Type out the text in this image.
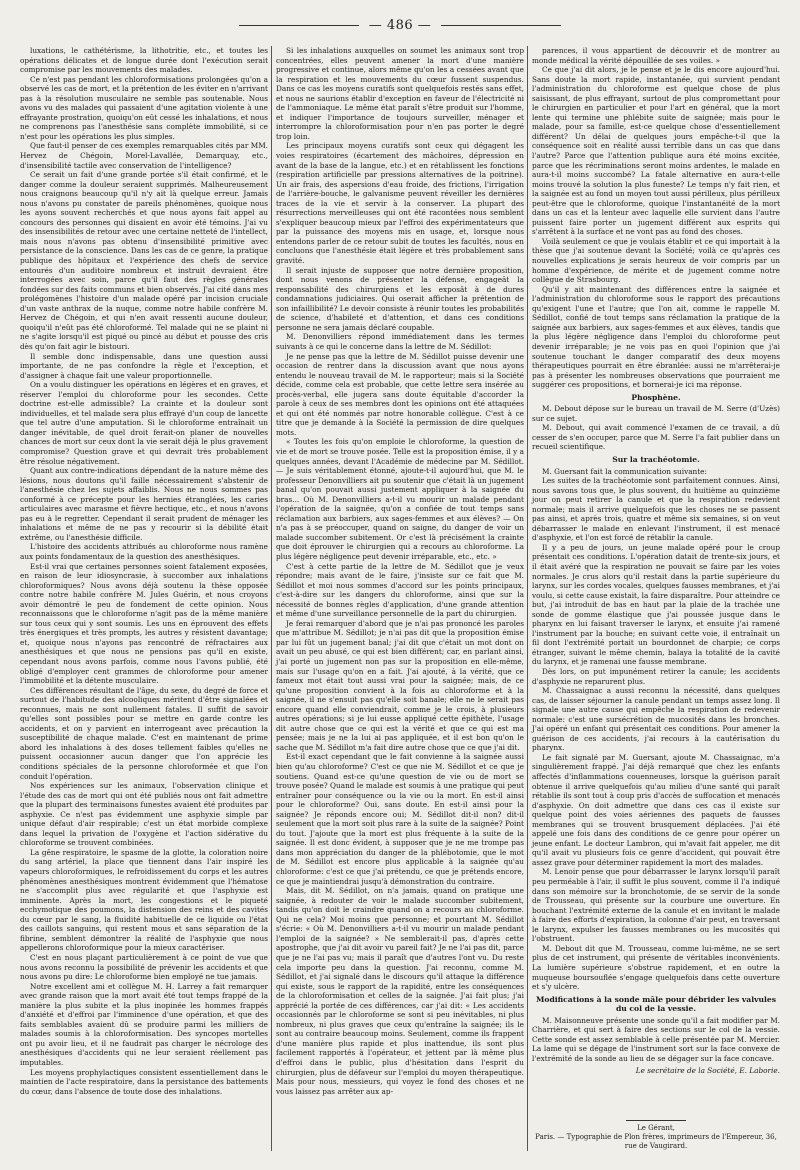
— 486 —

luxations, le cathétérisme, la lithotritie, etc., et toutes les opérations délicates et de longue durée dont l'exécution serait compromise par les mouvements des malades.

Ce n'est pas pendant les chloroformisations prolongées qu'on a observé les cas de mort, et la prétention de les éviter en n'arrivant pas à la résolution musculaire ne semble pas soutenable. Nous avons vu des malades qui passaient d'une agitation violente à une effrayante prostration, quoiqu'on eût cessé les inhalations, et nous ne comprenons pas l'anesthésie sans complète immobilité, si ce n'est pour les opérations les plus simples.

Que faut-il penser de ces exemples remarquables cités par MM. Hervez de Chégoin, Morel-Lavallée, Demarquay, etc., d'insensibilité tactile avec conservation de l'intelligence?

Ce serait un fait d'une grande portée s'il était confirmé, et le danger comme la douleur seraient supprimés. Malheureusement nous craignons beaucoup qu'il n'y ait là quelque erreur. Jamais nous n'avons pu constater de pareils phénomènes, quoique nous les ayons souvent recherchés et que nous ayons fait appel au concours des personnes qui disaient en avoir été témoins. J'ai vu des insensibilités de retour avec une certaine netteté de l'intellect, mais nous n'avons pas obtenu d'insensibilité primitive avec persistance de la conscience. Dans les cas de ce genre, la pratique publique des hôpitaux et l'expérience des chefs de service entourés d'un auditoire nombreux et instruit devraient être interrogées avec soin, parce qu'il faut des règles générales fondées sur des faits communs et bien observés. J'ai cité dans mes prolégomènes l'histoire d'un malade opéré par incision cruciale d'un vaste anthrax de la nuque, comme notre habile confrère M. Hervez de Chégoin, et qui n'en avait ressenti aucune douleur, quoiqu'il n'eût pas été chloroformé. Tel malade qui ne se plaint ni ne s'agite lorsqu'il est piqué ou pincé au début et pousse des cris dès qu'on fait agir le bistouri.

Il semble donc indispensable, dans une question aussi importante, de ne pas confondre la règle et l'exception, et d'assigner à chaque fait une valeur proportionnelle.

On a voulu distinguer les opérations en légères et en graves, et réserver l'emploi du chloroforme pour les secondes. Cette doctrine est-elle admissible? La crainte et la douleur sont individuelles, et tel malade sera plus effrayé d'un coup de lancette que tel autre d'une amputation. Si le chloroforme entraînait un danger inévitable, de quel droit ferait-on planer de nouvelles chances de mort sur ceux dont la vie serait déjà le plus gravement compromise? Question grave et qui devrait très probablement être résolue négativement.

Quant aux contre-indications dépendant de la nature même des lésions, nous doutons qu'il faille nécessairement s'abstenir de l'anesthésie chez les sujets affaiblis. Nous ne nous sommes pas conformé à ce précepte pour les hernies étranglées, les caries articulaires avec marasme et fièvre hectique, etc., et nous n'avons pas eu à le regretter. Cependant il serait prudent de ménager les inhalations et même de ne pas y recourir si la débilité était extrême, ou l'anesthésie difficile.

L'histoire des accidents attribués au chloroforme nous ramène aux points fondamentaux de la question des anesthésiques.

Est-il vrai que certaines personnes soient fatalement exposées, en raison de leur idiosyncrasie, à succomber aux inhalations chloroformiques? Nous avons déjà soutenu la thèse opposée contre notre habile confrère M. Jules Guérin, et nous croyons avoir démontré le peu de fondement de cette opinion. Nous reconnaissons que le chloroforme n'agit pas de la même manière sur tous ceux qui y sont soumis. Les uns en éprouvent des effets très énergiques et très prompts, les autres y résistent davantage; et, quoique nous n'ayons pas rencontré de réfractaires aux anesthésiques et que nous ne pensions pas qu'il en existe, cependant nous avons parfois, comme nous l'avons publié, été obligé d'employer cent grammes de chloroforme pour amener l'immobilité et la détente musculaire.

Ces différences résultant de l'âge, du sexe, du degré de force et surtout de l'habitude des alcooliques méritent d'être signalées et reconnues, mais ne sont nullement fatales. Il suffit de savoir qu'elles sont possibles pour se mettre en garde contre les accidents, et on y parvient en interrogeant avec précaution la susceptibilité de chaque malade. C'est en maintenant de prime abord les inhalations à des doses tellement faibles qu'elles ne puissent occasionner aucun danger que l'on apprécie les conditions spéciales de la personne chloroformée et que l'on conduit l'opération.

Nos expériences sur les animaux, l'observation clinique et l'étude des cas de mort qui ont été publiés nous ont fait admettre que la plupart des terminaisons funestes avaient été produites par asphyxie. Ce n'est pas évidemment une asphyxie simple par unique défaut d'air respirable; c'est un état morbide complexe dans lequel la privation de l'oxygène et l'action sidérative du chloroforme se trouvent combinées.

La gêne respiratoire, le spasme de la glotte, la coloration noire du sang artériel, la place que tiennent dans l'air inspiré les vapeurs chloroformiques, le refroidissement du corps et les autres phénomènes anesthésiques montrent évidemment que l'hématose ne s'accomplit plus avec régularité et que l'asphyxie est imminente. Après la mort, les congestions et le piqueté ecchymotique des poumons, la distension des reins et des cavités du cœur par le sang, la fluidité habituelle de ce liquide ou l'état des caillots sanguins, qui restent mous et sans séparation de la fibrine, semblent démontrer la réalité de l'asphyxie que nous appellerons chloroformique pour la mieux caractériser.

C'est en nous plaçant particulièrement à ce point de vue que nous avons reconnu la possibilité de prévenir les accidents et que nous avons pu dire: Le chloroforme bien employé ne tue jamais.

Notre excellent ami et collègue M. H. Larrey a fait remarquer avec grande raison que la mort avait été tout temps frappé de la manière la plus subite et la plus inopinée les hommes frappés d'anxiété et d'effroi par l'imminence d'une opération, et que des faits semblables avaient dû se produire parmi les milliers de malades soumis à la chloroformisation. Des syncopes mortelles ont pu avoir lieu, et il ne faudrait pas charger le nécrologe des anesthésiques d'accidents qui ne leur seraient réellement pas imputables.

Les moyens prophylactiques consistent essentiellement dans le maintien de l'acte respiratoire, dans la persistance des battements du cœur, dans l'absence de toute dose des inhalations.

Si les inhalations auxquelles on soumet les animaux sont trop concentrées, elles peuvent amener la mort d'une manière progressive et continue, alors même qu'on les a cessées avant que la respiration et les mouvements du cœur fussent suspendus. Dans ce cas les moyens curatifs sont quelquefois restés sans effet, et nous ne saurions établir d'exception en faveur de l'électricité ni de l'ammoniaque. Le même état paraît s'être produit sur l'homme, et indiquer l'importance de toujours surveiller, ménager et interrompre la chloroformisation pour n'en pas porter le degré trop loin.

Les principaux moyens curatifs sont ceux qui dégagent les voies respiratoires (écartement des mâchoires, dépression en avant de la base de la langue, etc.) et en rétablissent les fonctions (respiration artificielle par pressions alternatives de la poitrine). Un air frais, des aspersions d'eau froide, des frictions, l'irrigation de l'arrière-bouche, le galvanisme peuvent réveiller les dernières traces de la vie et servir à la conserver. La plupart des résurrections merveilleuses qui ont été racontées nous semblent s'expliquer beaucoup mieux par l'effroi des expérimentateurs que par la puissance des moyens mis en usage, et, lorsque nous entendons parler de ce retour subit de toutes les facultés, nous en concluons que l'anesthésie était légère et très probablement sans gravité.

Il serait injuste de supposer que notre dernière proposition, dont nous venons de présenter la défense, engageât la responsabilité des chirurgiens et les exposât à de dures condamnations judiciaires. Qui oserait afficher la prétention de son infaillibilité? Le devoir consiste à réunir toutes les probabilités de science, d'habileté et d'attention, et dans ces conditions personne ne sera jamais déclaré coupable.

M. Denonvilliers répond immédiatement dans les termes suivants à ce qui le concerne dans la lettre de M. Sédillot:

Je ne pense pas que la lettre de M. Sédillot puisse devenir une occasion de rentrer dans la discussion avant que nous ayons entendu le nouveau travail de M. le rapporteur; mais si la Société décide, comme cela est probable, que cette lettre sera insérée au procès-verbal, elle jugera sans doute équitable d'accorder la parole à ceux de ses membres dont les opinions ont été attaquées et qui ont été nommés par notre honorable collègue. C'est à ce titre que je demande à la Société la permission de dire quelques mots.

« Toutes les fois qu'on emploie le chloroforme, la question de vie et de mort se trouve posée. Telle est la proposition émise, il y a quelques années, devant l'Académie de médecine par M. Sédillot. — Je suis véritablement étonné, ajoute-t-il aujourd'hui, que M. le professeur Denonvilliers ait pu soutenir que c'était là un jugement banal qu'on pouvait aussi justement appliquer à la saignée du bras... Où M. Denonvilliers a-t-il vu mourir un malade pendant l'opération de la saignée, qu'on a confiée de tout temps sans réclamation aux barbiers, aux sages-femmes et aux élèves? — On n'a pas à se préoccuper, quand on saigne, du danger de voir un malade succomber subitement. Or c'est là précisément la crainte que doit éprouver le chirurgien qui a recours au chloroforme. La plus légère négligence peut devenir irréparable, etc., etc. »

C'est à cette partie de la lettre de M. Sédillot que je veux répondre; mais avant de le faire, j'insiste sur ce fait que M. Sédillot et moi nous sommes d'accord sur les points principaux, c'est-à-dire sur les dangers du chloroforme, ainsi que sur la nécessité de bonnes règles d'application, d'une grande attention et même d'une surveillance personnelle de la part du chirurgien.

Je ferai remarquer d'abord que je n'ai pas prononcé les paroles que m'attribue M. Sédillot; je n'ai pas dit que la proposition émise par lui fût un jugement banal; j'ai dit que c'était un mot dont on avait un peu abusé, ce qui est bien différent; car, en parlant ainsi, j'ai porté un jugement non pas sur la proposition en elle-même, mais sur l'usage qu'on en a fait. J'ai ajouté, à la vérité, que ce fameux mot était tout aussi vrai pour la saignée; mais, de ce qu'une proposition convient à la fois au chloroforme et à la saignée, il ne s'ensuit pas qu'elle soit banale; elle ne le serait pas encore quand elle conviendrait, comme je le crois, à plusieurs autres opérations; si je lui eusse appliqué cette épithète, l'usage dit autre chose que ce qui est la vérité et que ce qui est ma pensée; mais je ne la lui ai pas appliquée, et il est bon qu'on le sache que M. Sédillot m'a fait dire autre chose que ce que j'ai dit.

Est-il exact cependant que le fait convienne à la saignée aussi bien qu'au chloroforme? C'est ce que nie M. Sédillot et ce que je soutiens. Quand est-ce qu'une question de vie ou de mort se trouve posée? Quand le malade est soumis à une pratique qui peut entraîner pour conséquence ou la vie ou la mort. En est-il ainsi pour le chloroforme? Oui, sans doute. En est-il ainsi pour la saignée? Je réponds encore oui; M. Sédillot dit-il non? dit-il seulement que la mort soit plus rare à la suite de la saignée? Point du tout. J'ajoute que la mort est plus fréquente à la suite de la saignée. Il est donc évident, à supposer que je ne me trompe pas dans mon appréciation du danger de la phlébotomie, que le mot de M. Sédillot est encore plus applicable à la saignée qu'au chloroforme: c'est ce que j'ai prétendu, ce que je prétends encore, ce que je maintiendrai jusqu'à démonstration du contraire.

Mais, dit M. Sédillot, on n'a jamais, quand on pratique une saignée, à redouter de voir le malade succomber subitement, tandis qu'on doit le craindre quand on a recours au chloroforme. Qui ne cela? Moi moins que personne; et pourtant M. Sédillot s'écrie: « Où M. Denonvilliers a-t-il vu mourir un malade pendant l'emploi de la saignée? » Ne semblerait-il pas, d'après cette apostrophe, que j'ai dit avoir vu pareil fait? Je ne l'ai pas dit, parce que je ne l'ai pas vu; mais il paraît que d'autres l'ont vu. Du reste cela importe peu dans la question. J'ai reconnu, comme M. Sédillot, et j'ai signalé dans le discours qu'il attaque la différence qui existe, sous le rapport de la rapidité, entre les conséquences de la chloroformisation et celles de la saignée. J'ai fait plus; j'ai apprécié la portée de ces différences, car j'ai dit: « Les accidents occasionnés par le chloroforme se sont si peu inévitables, ni plus nombreux, ni plus graves que ceux qu'entraîne la saignée; ils le sont au contraire beaucoup moins. Seulement, comme ils frappent d'une manière plus rapide et plus inattendue, ils sont plus facilement rapportés à l'opérateur, et jettent par là même plus d'effroi dans le public, plus d'hésitation dans l'esprit du chirurgien, plus de défaveur sur l'emploi du moyen thérapeutique. Mais pour nous, messieurs, qui voyez le fond des choses et ne vous laissez pas arrêter aux ap-

parences, il vous appartient de découvrir et de montrer au monde médical la vérité dépouillée de ses voiles. »

Ce que j'ai dit alors, je le pense et je le dis encore aujourd'hui. Sans doute la mort rapide, instantanée, qui survient pendant l'administration du chloroforme est quelque chose de plus saisissant, de plus effrayant, surtout de plus compromettant pour le chirurgien en particulier et pour l'art en général, que la mort lente qui termine une phlébite suite de saignée; mais pour le malade, pour sa famille, est-ce quelque chose d'essentiellement différent? Un délai de quelques jours empêche-t-il que la conséquence soit en réalité aussi terrible dans un cas que dans l'autre? Parce que l'attention publique aura été moins excitée, parce que les récriminations seront moins ardentes, le malade en aura-t-il moins succombé? La fatale alternative en aura-t-elle moins trouvé la solution la plus funeste? Le temps n'y fait rien, et la saignée est au fond un moyen tout aussi périlleux, plus périlleux peut-être que le chloroforme, quoique l'instantanéité de la mort dans un cas et la lenteur avec laquelle elle survient dans l'autre puissent faire porter un jugement différent aux esprits qui s'arrêtent à la surface et ne vont pas au fond des choses.

Voilà seulement ce que je voulais établir et ce qui importait à la thèse que j'ai soutenue devant la Société; voilà ce qu'après ces nouvelles explications je serais heureux de voir compris par un homme d'expérience, de mérite et de jugement comme notre collègue de Strasbourg.

Qu'il y ait maintenant des différences entre la saignée et l'administration du chloroforme sous le rapport des précautions qu'exigent l'une et l'autre; que l'on ait, comme le rappelle M. Sédillot, confié de tout temps sans réclamation la pratique de la saignée aux barbiers, aux sages-femmes et aux élèves, tandis que la plus légère négligence dans l'emploi du chloroforme peut devenir irréparable; je ne vois pas en quoi l'opinion que j'ai soutenue touchant le danger comparatif des deux moyens thérapeutiques pourrait en être ébranlée: aussi ne m'arrêterai-je pas à présenter les nombreuses observations que pourraient me suggérer ces propositions, et bornerai-je ici ma réponse.

Phosphène.

M. Debout dépose sur le bureau un travail de M. Serre (d'Uzès) sur ce sujet.

M. Debout, qui avait commencé l'examen de ce travail, a dû cesser de s'en occuper, parce que M. Serre l'a fait publier dans un recueil scientifique.

Sur la trachéotomie.

M. Guersant fait la communication suivante:

Les suites de la trachéotomie sont parfaitement connues. Ainsi, nous savons tous que, le plus souvent, du huitième au quinzième jour on peut retirer la canule et que la respiration redevient normale; mais il arrive quelquefois que les choses ne se passent pas ainsi, et après trois, quatre et même six semaines, si on veut débarrasser le malade en enlevant l'instrument, il est menacé d'asphyxie, et l'on est forcé de rétablir la canule.

Il y a peu de jours, un jeune malade opéré pour le croup présentait ces conditions. L'opération datait de trente-six jours, et il était avéré que la respiration ne pouvait se faire par les voies normales. Je crus alors qu'il restait dans la partie supérieure du larynx, sur les cordes vocales, quelques fausses membranes, et j'ai voulu, si cette cause existait, la faire disparaître. Pour atteindre ce but, j'ai introduit de bas en haut par la plaie de la trachée une sonde de gomme élastique que j'ai poussée jusque dans le pharynx en lui faisant traverser le larynx, et ensuite j'ai ramené l'instrument par la bouche; en suivant cette voie, il entraînait un fil dont l'extrémité portait un bourdonnet de charpie; ce corps étranger, suivant le même chemin, balaya la totalité de la cavité du larynx, et je ramenai une fausse membrane.

Dès lors, on put impunément retirer la canule; les accidents d'asphyxie ne reparurent plus.

M. Chassaignac a aussi reconnu la nécessité, dans quelques cas, de laisser séjourner la canule pendant un temps assez long. Il signale une autre cause qui empêche la respiration de redevenir normale: c'est une sursécrétion de mucosités dans les bronches. J'ai opéré un enfant qui présentait ces conditions. Pour amener la guérison de ces accidents, j'ai recours à la cautérisation du pharynx.

Le fait signalé par M. Guersant, ajoute M. Chassaignac, m'a singulièrement frappé. J'ai déjà remarqué que chez les enfants affectés d'inflammations couenneuses, lorsque la guérison paraît obtenue il arrive quelquefois qu'au milieu d'une santé qui paraît rétablie ils sont tout à coup pris d'accès de suffocation et menacés d'asphyxie. On doit admettre que dans ces cas il existe sur quelque point des voies aériennes des paquets de fausses membranes qui se trouvent brusquement déplacées. J'ai été appelé une fois dans des conditions de ce genre pour opérer un jeune enfant. Le docteur Lambron, qui m'avait fait appeler, me dit qu'il avait vu plusieurs fois ce genre d'accident, qui pouvait être assez grave pour déterminer rapidement la mort des malades.

M. Lenoir pense que pour débarrasser le larynx lorsqu'il paraît peu perméable à l'air, il suffit le plus souvent, comme il l'a indiqué dans son mémoire sur la bronchotomie, de se servir de la sonde de Trousseau, qui présente sur la courbure une ouverture. En bouchant l'extrémité externe de la canule et en invitant le malade à faire des efforts d'expiration, la colonne d'air peut, en traversant le larynx, expulser les fausses membranes ou les mucosités qui l'obstruent.

M. Debout dit que M. Trousseau, comme lui-même, ne se sert plus de cet instrument, qui présente de véritables inconvénients. La lumière supérieure s'obstrue rapidement, et en outre la muqueuse boursouflée s'engage quelquefois dans cette ouverture et s'y ulcère.

Modifications à la sonde mâle pour débrider les valvules du col de la vessie.

M. Maisonneuve présente une sonde qu'il a fait modifier par M. Charrière, et qui sert à faire des sections sur le col de la vessie. Cette sonde est assez semblable à celle présentée par M. Mercier. La lame qui se dégage de l'instrument sort sur la face convexe de l'extrémité de la sonde au lieu de se dégager sur la face concave.

Le secrétaire de la Société, E. Laborie.
Le Gérant,
Paris. — Typographie de Plon frères, imprimeurs de l'Empereur, 36, rue de Vaugirard.
